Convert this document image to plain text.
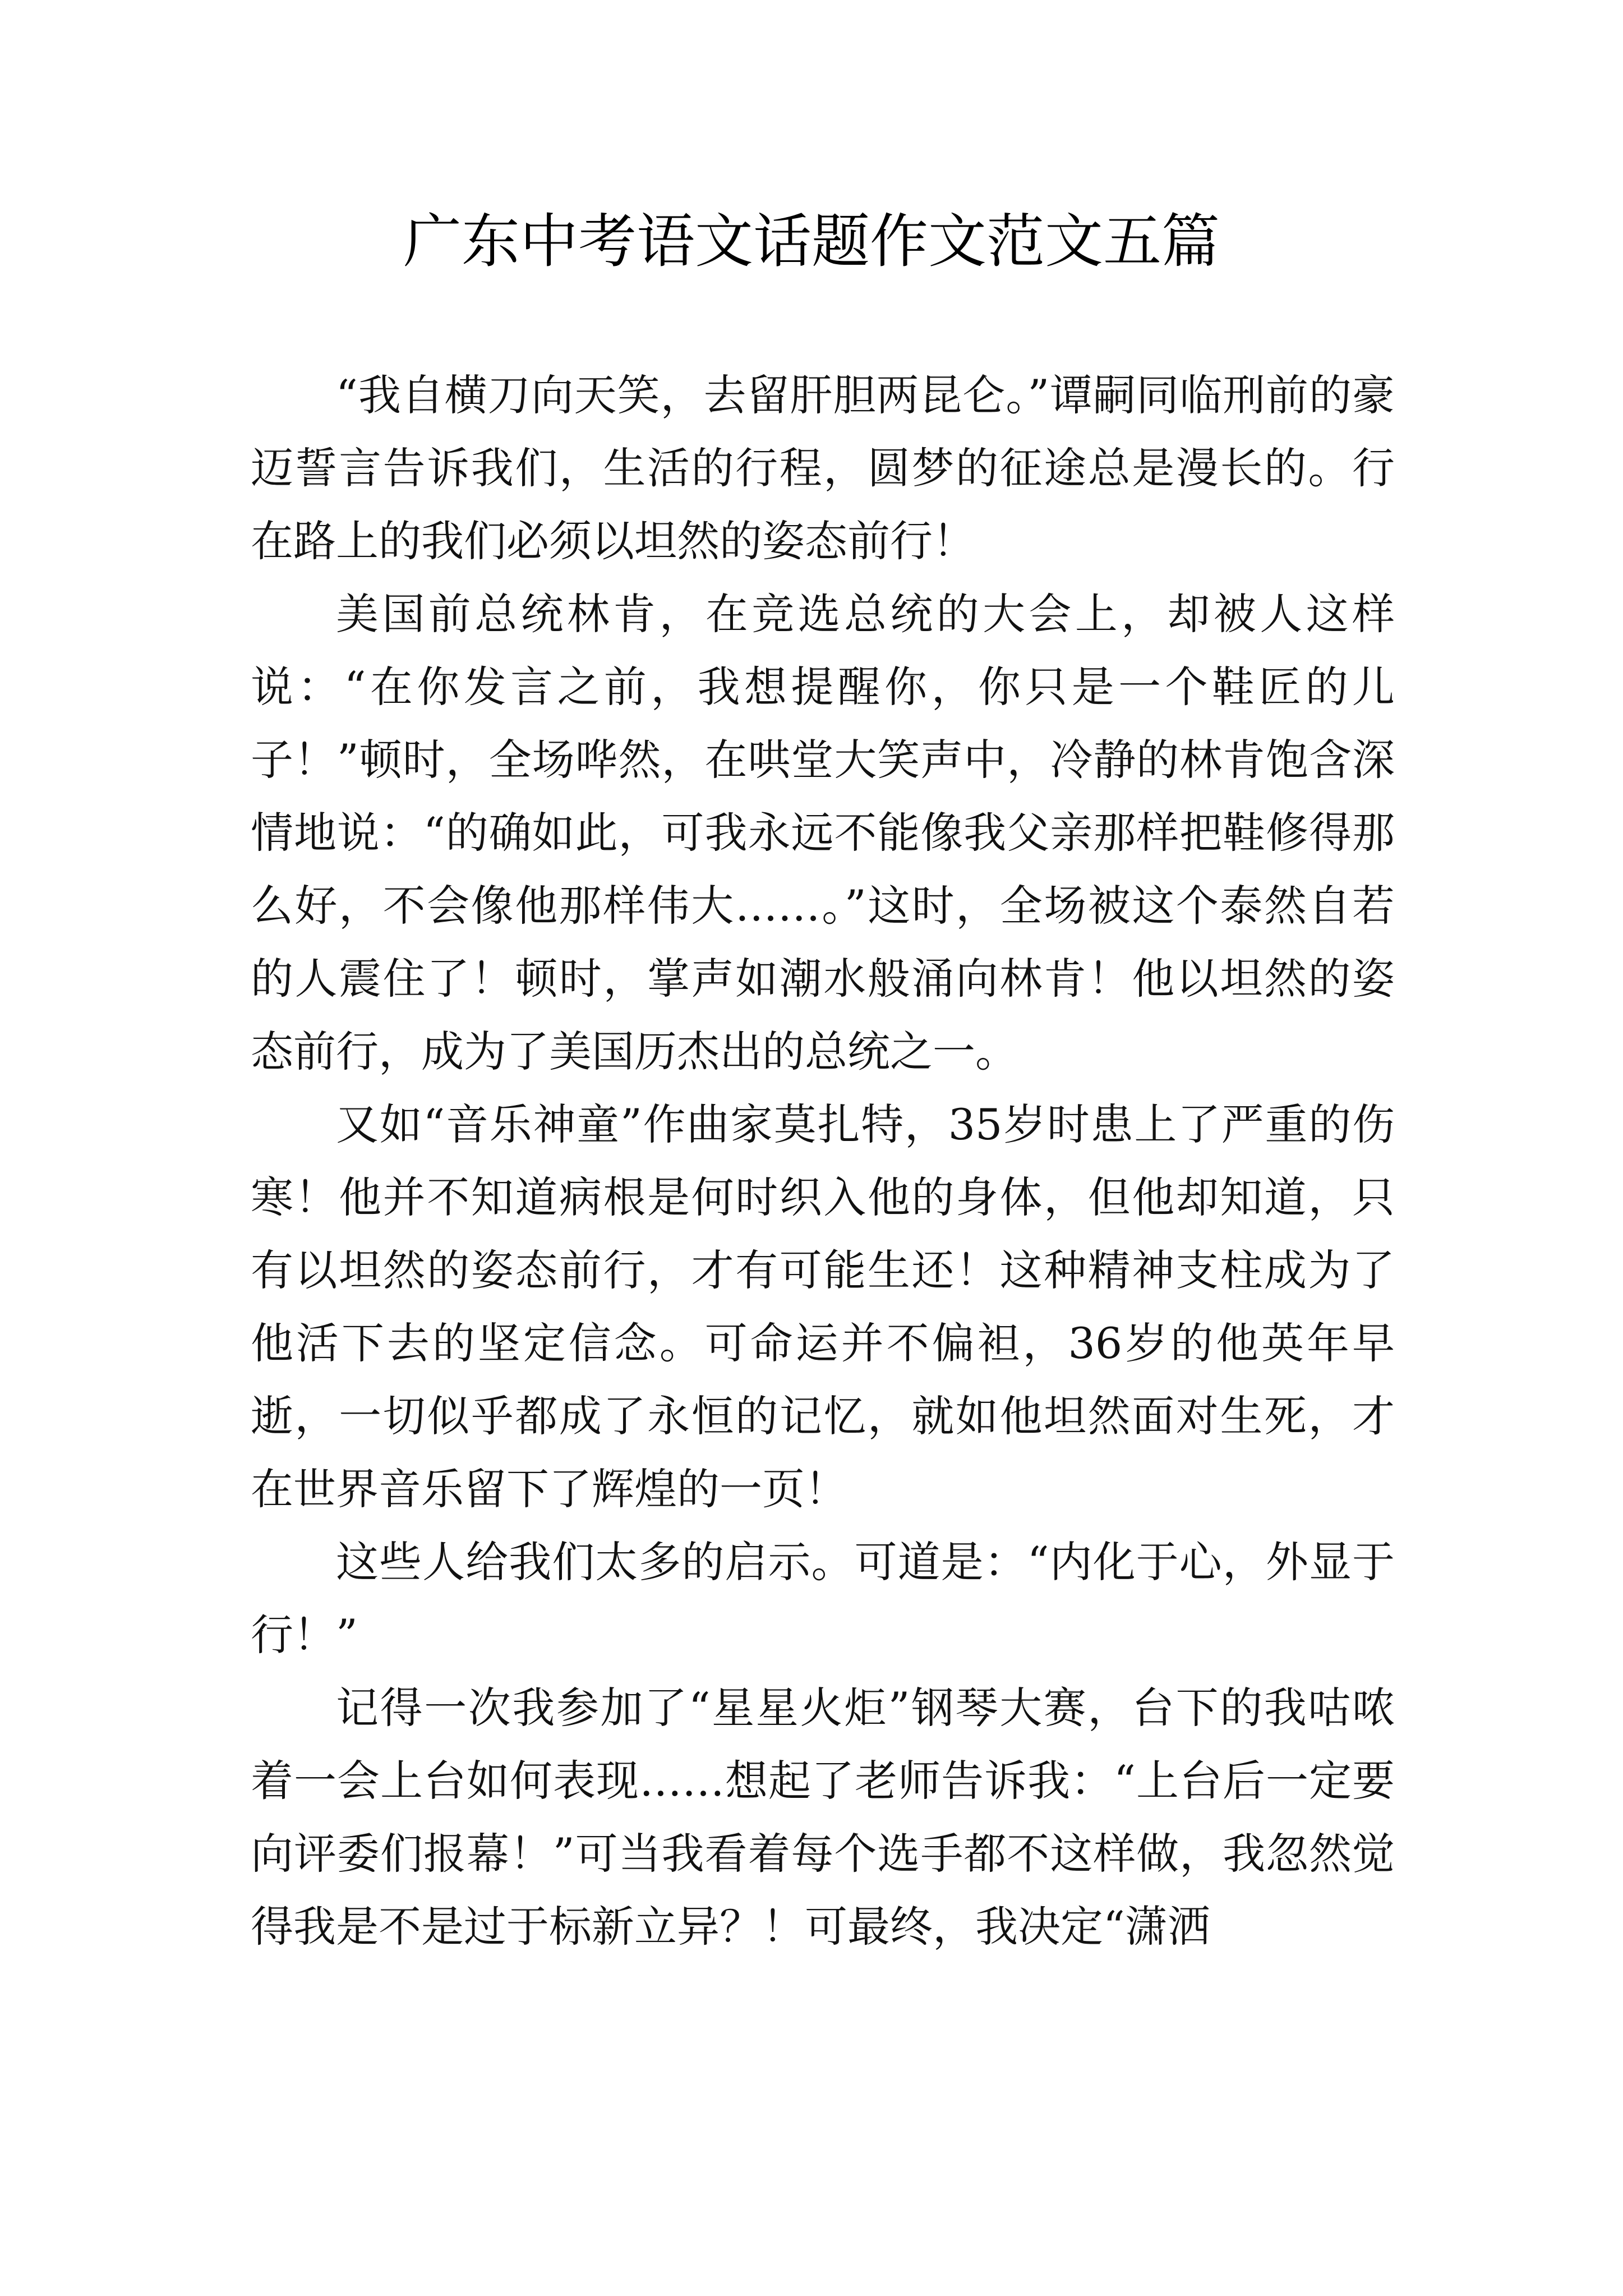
广东中考语文话题作文范文五篇

“我自横刀向天笑，去留肝胆两昆仑。”谭嗣同临刑前的豪迈誓言告诉我们，生活的行程，圆梦的征途总是漫长的。行在路上的我们必须以坦然的姿态前行！

美国前总统林肯，在竞选总统的大会上，却被人这样说：“在你发言之前，我想提醒你，你只是一个鞋匠的儿子！”顿时，全场哗然，在哄堂大笑声中，冷静的林肯饱含深情地说：“的确如此，可我永远不能像我父亲那样把鞋修得那么好，不会像他那样伟大……。”这时，全场被这个泰然自若的人震住了！顿时，掌声如潮水般涌向林肯！他以坦然的姿态前行，成为了美国历杰出的总统之一。

又如“音乐神童”作曲家莫扎特，35岁时患上了严重的伤寒！他并不知道病根是何时织入他的身体，但他却知道，只有以坦然的姿态前行，才有可能生还！这种精神支柱成为了他活下去的坚定信念。可命运并不偏袒，36岁的他英年早逝，一切似乎都成了永恒的记忆，就如他坦然面对生死，才在世界音乐留下了辉煌的一页！

这些人给我们太多的启示。可道是：“内化于心，外显于行！”

记得一次我参加了“星星火炬”钢琴大赛，台下的我咕哝着一会上台如何表现……想起了老师告诉我：“上台后一定要向评委们报幕！”可当我看着每个选手都不这样做，我忽然觉得我是不是过于标新立异？！可最终，我决定“潇洒
